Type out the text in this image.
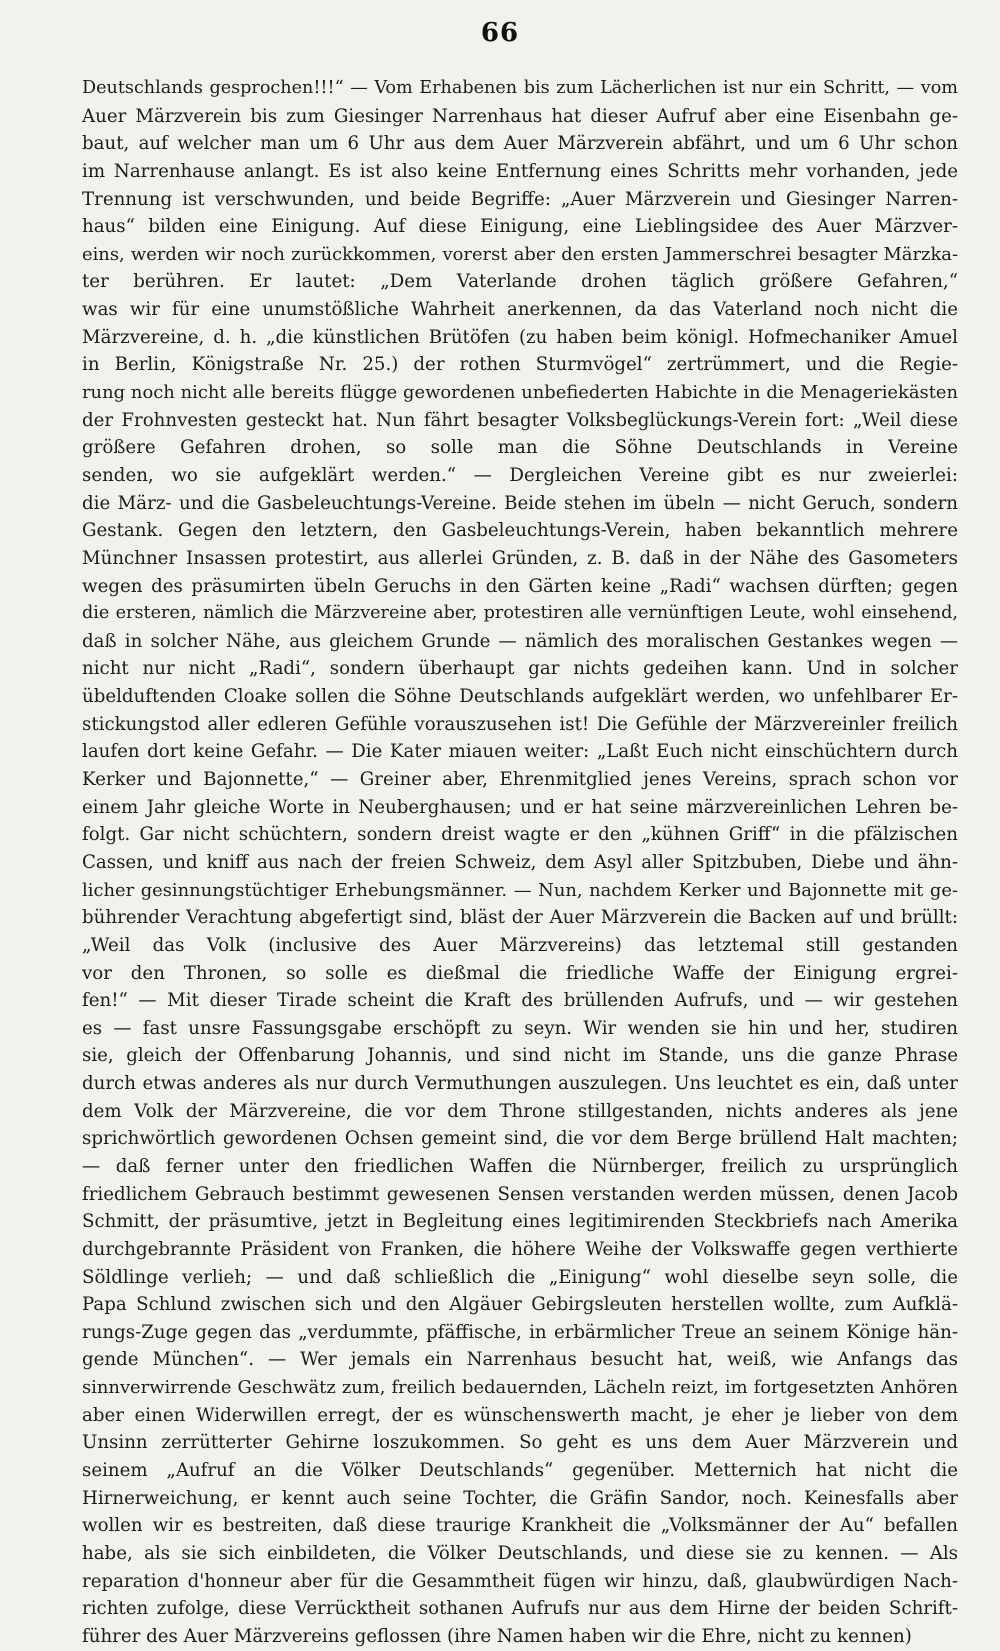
66
Deutschlands gesprochen!!!“ — Vom Erhabenen bis zum Lächerlichen ist nur ein Schritt, — vom
Auer Märzverein bis zum Giesinger Narrenhaus hat dieser Aufruf aber eine Eisenbahn ge-
baut, auf welcher man um 6 Uhr aus dem Auer Märzverein abfährt, und um 6 Uhr schon
im Narrenhause anlangt. Es ist also keine Entfernung eines Schritts mehr vorhanden, jede
Trennung ist verschwunden, und beide Begriffe: „Auer Märzverein und Giesinger Narren-
haus“ bilden eine Einigung. Auf diese Einigung, eine Lieblingsidee des Auer Märzver-
eins, werden wir noch zurückkommen, vorerst aber den ersten Jammerschrei besagter Märzka-
ter berühren. Er lautet: „Dem Vaterlande drohen täglich größere Gefahren,“
was wir für eine unumstößliche Wahrheit anerkennen, da das Vaterland noch nicht die
Märzvereine, d. h. „die künstlichen Brütöfen (zu haben beim königl. Hofmechaniker Amuel
in Berlin, Königstraße Nr. 25.) der rothen Sturmvögel“ zertrümmert, und die Regie-
rung noch nicht alle bereits flügge gewordenen unbefiederten Habichte in die Menageriekästen
der Frohnvesten gesteckt hat. Nun fährt besagter Volksbeglückungs-Verein fort: „Weil diese
größere Gefahren drohen, so solle man die Söhne Deutschlands in Vereine
senden, wo sie aufgeklärt werden.“ — Dergleichen Vereine gibt es nur zweierlei:
die März- und die Gasbeleuchtungs-Vereine. Beide stehen im übeln — nicht Geruch, sondern
Gestank. Gegen den letztern, den Gasbeleuchtungs-Verein, haben bekanntlich mehrere
Münchner Insassen protestirt, aus allerlei Gründen, z. B. daß in der Nähe des Gasometers
wegen des präsumirten übeln Geruchs in den Gärten keine „Radi“ wachsen dürften; gegen
die ersteren, nämlich die Märzvereine aber, protestiren alle vernünftigen Leute, wohl einsehend,
daß in solcher Nähe, aus gleichem Grunde — nämlich des moralischen Gestankes wegen —
nicht nur nicht „Radi“, sondern überhaupt gar nichts gedeihen kann. Und in solcher
übelduftenden Cloake sollen die Söhne Deutschlands aufgeklärt werden, wo unfehlbarer Er-
stickungstod aller edleren Gefühle vorauszusehen ist! Die Gefühle der Märzvereinler freilich
laufen dort keine Gefahr. — Die Kater miauen weiter: „Laßt Euch nicht einschüchtern durch
Kerker und Bajonnette,“ — Greiner aber, Ehrenmitglied jenes Vereins, sprach schon vor
einem Jahr gleiche Worte in Neuberghausen; und er hat seine märzvereinlichen Lehren be-
folgt. Gar nicht schüchtern, sondern dreist wagte er den „kühnen Griff“ in die pfälzischen
Cassen, und kniff aus nach der freien Schweiz, dem Asyl aller Spitzbuben, Diebe und ähn-
licher gesinnungstüchtiger Erhebungsmänner. — Nun, nachdem Kerker und Bajonnette mit ge-
bührender Verachtung abgefertigt sind, bläst der Auer Märzverein die Backen auf und brüllt:
„Weil das Volk (inclusive des Auer Märzvereins) das letztemal still gestanden
vor den Thronen, so solle es dießmal die friedliche Waffe der Einigung ergrei-
fen!“ — Mit dieser Tirade scheint die Kraft des brüllenden Aufrufs, und — wir gestehen
es — fast unsre Fassungsgabe erschöpft zu seyn. Wir wenden sie hin und her, studiren
sie, gleich der Offenbarung Johannis, und sind nicht im Stande, uns die ganze Phrase
durch etwas anderes als nur durch Vermuthungen auszulegen. Uns leuchtet es ein, daß unter
dem Volk der Märzvereine, die vor dem Throne stillgestanden, nichts anderes als jene
sprichwörtlich gewordenen Ochsen gemeint sind, die vor dem Berge brüllend Halt machten;
— daß ferner unter den friedlichen Waffen die Nürnberger, freilich zu ursprünglich
friedlichem Gebrauch bestimmt gewesenen Sensen verstanden werden müssen, denen Jacob
Schmitt, der präsumtive, jetzt in Begleitung eines legitimirenden Steckbriefs nach Amerika
durchgebrannte Präsident von Franken, die höhere Weihe der Volkswaffe gegen verthierte
Söldlinge verlieh; — und daß schließlich die „Einigung“ wohl dieselbe seyn solle, die
Papa Schlund zwischen sich und den Algäuer Gebirgsleuten herstellen wollte, zum Aufklä-
rungs-Zuge gegen das „verdummte, pfäffische, in erbärmlicher Treue an seinem Könige hän-
gende München“. — Wer jemals ein Narrenhaus besucht hat, weiß, wie Anfangs das
sinnverwirrende Geschwätz zum, freilich bedauernden, Lächeln reizt, im fortgesetzten Anhören
aber einen Widerwillen erregt, der es wünschenswerth macht, je eher je lieber von dem
Unsinn zerrütterter Gehirne loszukommen. So geht es uns dem Auer Märzverein und
seinem „Aufruf an die Völker Deutschlands“ gegenüber. Metternich hat nicht die
Hirnerweichung, er kennt auch seine Tochter, die Gräfin Sandor, noch. Keinesfalls aber
wollen wir es bestreiten, daß diese traurige Krankheit die „Volksmänner der Au“ befallen
habe, als sie sich einbildeten, die Völker Deutschlands, und diese sie zu kennen. — Als
reparation d'honneur aber für die Gesammtheit fügen wir hinzu, daß, glaubwürdigen Nach-
richten zufolge, diese Verrücktheit sothanen Aufrufs nur aus dem Hirne der beiden Schrift-
führer des Auer Märzvereins geflossen (ihre Namen haben wir die Ehre, nicht zu kennen)
